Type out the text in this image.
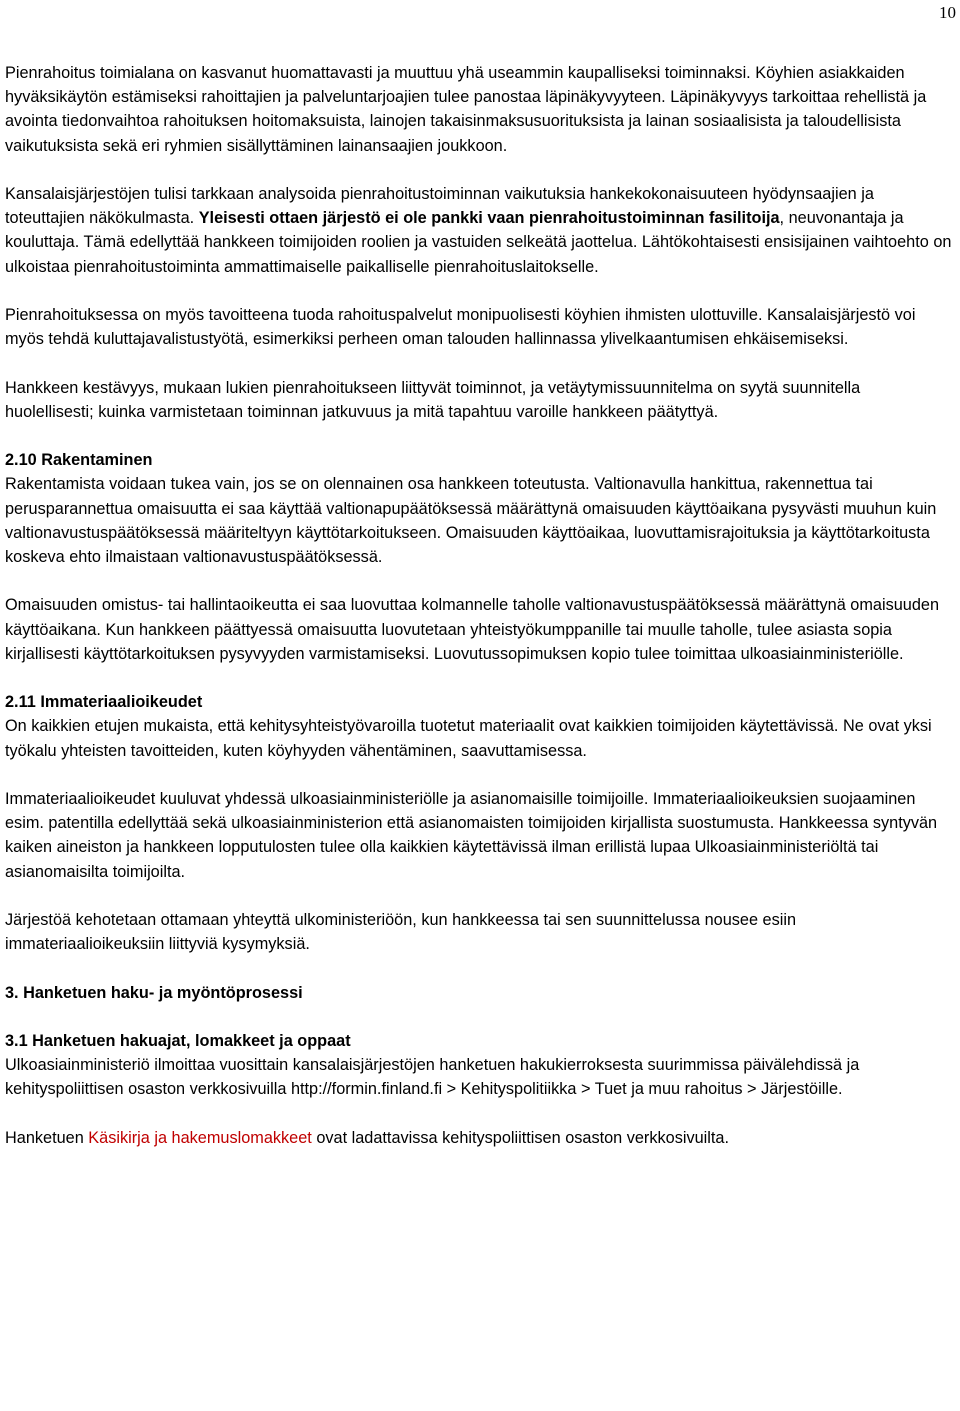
10

Pienrahoitus toimialana on kasvanut huomattavasti ja muuttuu yhä useammin kaupalliseksi toiminnaksi. Köyhien asiakkaiden hyväksikäytön estämiseksi rahoittajien ja palveluntarjoajien tulee panostaa läpinäkyvyyteen. Läpinäkyvyys tarkoittaa rehellistä ja avointa tiedonvaihtoa rahoituksen hoitomaksuista, lainojen takaisinmaksusuorituksista ja lainan sosiaalisista ja taloudellisista vaikutuksista sekä eri ryhmien sisällyttäminen lainansaajien joukkoon.

Kansalaisjärjestöjen tulisi tarkkaan analysoida pienrahoitustoiminnan vaikutuksia hankekokonaisuuteen hyödynsaajien ja toteuttajien näkökulmasta. Yleisesti ottaen järjestö ei ole pankki vaan pienrahoitustoiminnan fasilitoija, neuvonantaja ja kouluttaja. Tämä edellyttää hankkeen toimijoiden roolien ja vastuiden selkeätä jaottelua. Lähtökohtaisesti ensisijainen vaihtoehto on ulkoistaa pienrahoitustoiminta ammattimaiselle paikalliselle pienrahoituslaitokselle.

Pienrahoituksessa on myös tavoitteena tuoda rahoituspalvelut monipuolisesti köyhien ihmisten ulottuville. Kansalaisjärjestö voi myös tehdä kuluttajavalistustyötä, esimerkiksi perheen oman talouden hallinnassa ylivelkaantumisen ehkäisemiseksi.

Hankkeen kestävyys, mukaan lukien pienrahoitukseen liittyvät toiminnot, ja vetäytymissuunnitelma on syytä suunnitella huolellisesti; kuinka varmistetaan toiminnan jatkuvuus ja mitä tapahtuu varoille hankkeen päätyttyä.

2.10 Rakentaminen

Rakentamista voidaan tukea vain, jos se on olennainen osa hankkeen toteutusta. Valtionavulla hankittua, rakennettua tai perusparannettua omaisuutta ei saa käyttää valtionapupäätöksessä määrättynä omaisuuden käyttöaikana pysyvästi muuhun kuin valtionavustuspäätöksessä määriteltyyn käyttötarkoitukseen. Omaisuuden käyttöaikaa, luovuttamisrajoituksia ja käyttötarkoitusta koskeva ehto ilmaistaan valtionavustuspäätöksessä.

Omaisuuden omistus- tai hallintaoikeutta ei saa luovuttaa kolmannelle taholle valtionavustuspäätöksessä määrättynä omaisuuden käyttöaikana. Kun hankkeen päättyessä omaisuutta luovutetaan yhteistyökumppanille tai muulle taholle, tulee asiasta sopia kirjallisesti käyttötarkoituksen pysyvyyden varmistamiseksi. Luovutussopimuksen kopio tulee toimittaa ulkoasiainministeriölle.

2.11 Immateriaalioikeudet

On kaikkien etujen mukaista, että kehitysyhteistyövaroilla tuotetut materiaalit ovat kaikkien toimijoiden käytettävissä. Ne ovat yksi työkalu yhteisten tavoitteiden, kuten köyhyyden vähentäminen, saavuttamisessa.

Immateriaalioikeudet kuuluvat yhdessä ulkoasiainministeriölle ja asianomaisille toimijoille. Immateriaalioikeuksien suojaaminen esim. patentilla edellyttää sekä ulkoasiainministerion että asianomaisten toimijoiden kirjallista suostumusta. Hankkeessa syntyvän kaiken aineiston ja hankkeen lopputulosten tulee olla kaikkien käytettävissä ilman erillistä lupaa Ulkoasiainministeriöltä tai asianomaisilta toimijoilta.

Järjestöä kehotetaan ottamaan yhteyttä ulkoministeriöön, kun hankkeessa tai sen suunnittelussa nousee esiin immateriaalioikeuksiin liittyviä kysymyksiä.

3. Hanketuen haku- ja myöntöprosessi
3.1 Hanketuen hakuajat, lomakkeet ja oppaat

Ulkoasiainministeriö ilmoittaa vuosittain kansalaisjärjestöjen hanketuen hakukierroksesta suurimmissa päivälehdissä ja kehityspoliittisen osaston verkkosivuilla http://formin.finland.fi > Kehityspolitiikka > Tuet ja muu rahoitus > Järjestöille.

Hanketuen Käsikirja ja hakemuslomakkeet ovat ladattavissa kehityspoliittisen osaston verkkosivuilta.
